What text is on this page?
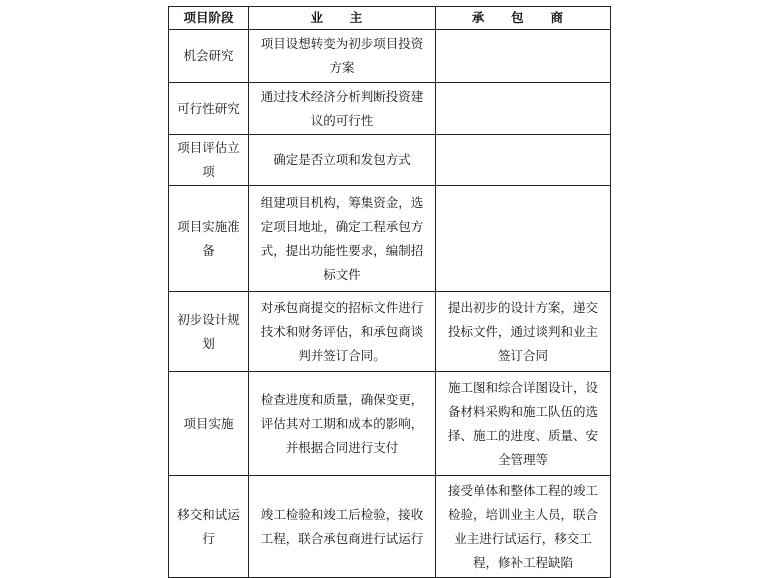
项目阶段	业 主	承 包 商
机会研究	项目设想转变为初步项目投资方案	
可行性研究	通过技术经济分析判断投资建议的可行性	
项目评估立项	确定是否立项和发包方式	
项目实施准备	组建项目机构，筹集资金，选定项目地址，确定工程承包方式，提出功能性要求，编制招标文件	
初步设计规划	对承包商提交的招标文件进行技术和财务评估，和承包商谈判并签订合同。	提出初步的设计方案，递交投标文件，通过谈判和业主签订合同
项目实施	检查进度和质量，确保变更，评估其对工期和成本的影响，并根据合同进行支付	施工图和综合详图设计，设备材料采购和施工队伍的选择、施工的进度、质量、安全管理等
移交和试运行	竣工检验和竣工后检验，接收工程，联合承包商进行试运行	接受单体和整体工程的竣工检验，培训业主人员，联合业主进行试运行，移交工程，修补工程缺陷
